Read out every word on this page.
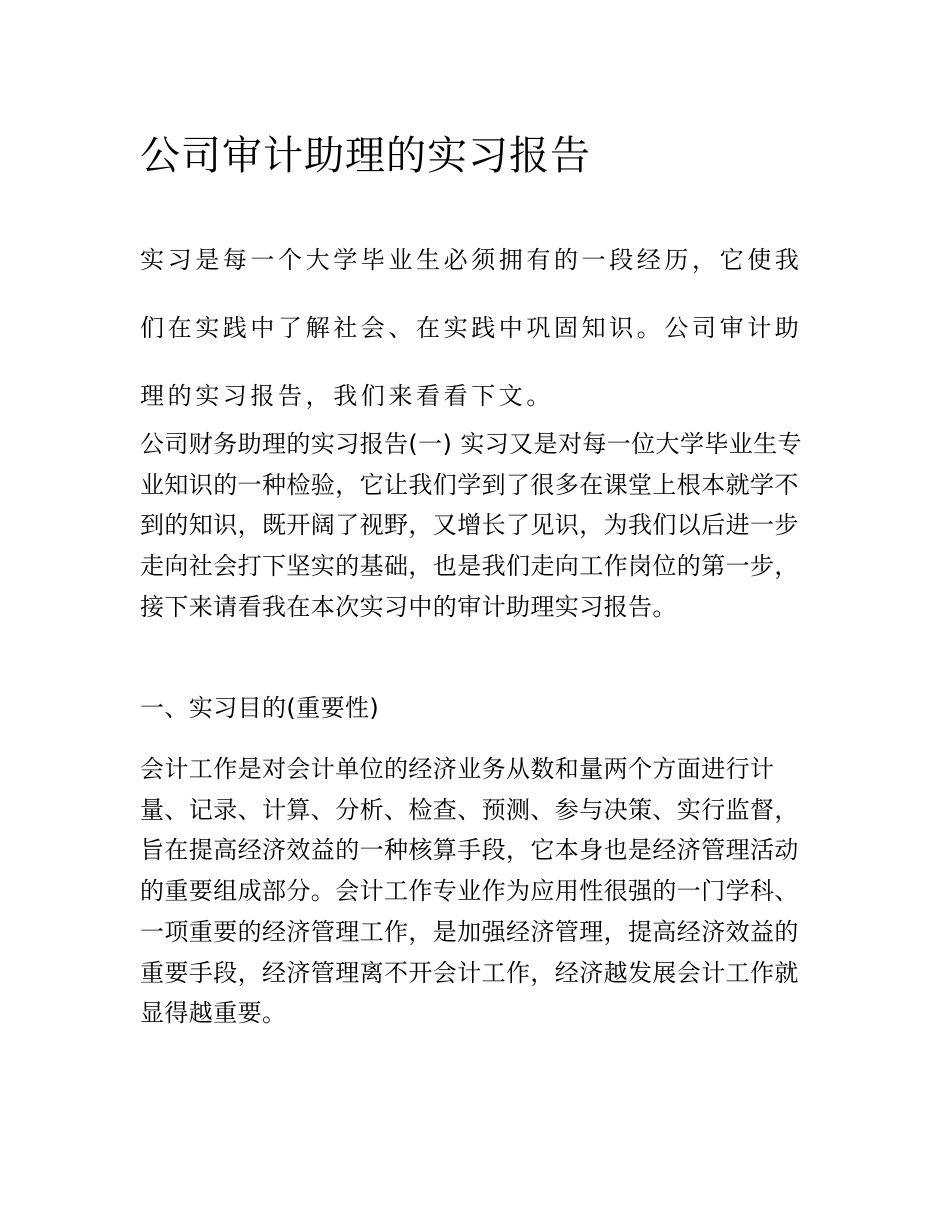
公司审计助理的实习报告

实习是每一个大学毕业生必须拥有的一段经历，它使我们在实践中了解社会、在实践中巩固知识。公司审计助理的实习报告，我们来看看下文。

公司财务助理的实习报告(一) 实习又是对每一位大学毕业生专业知识的一种检验，它让我们学到了很多在课堂上根本就学不到的知识，既开阔了视野，又增长了见识，为我们以后进一步走向社会打下坚实的基础，也是我们走向工作岗位的第一步，接下来请看我在本次实习中的审计助理实习报告。

一、实习目的(重要性)

会计工作是对会计单位的经济业务从数和量两个方面进行计量、记录、计算、分析、检查、预测、参与决策、实行监督，旨在提高经济效益的一种核算手段，它本身也是经济管理活动的重要组成部分。会计工作专业作为应用性很强的一门学科、一项重要的经济管理工作，是加强经济管理，提高经济效益的重要手段，经济管理离不开会计工作，经济越发展会计工作就显得越重要。
